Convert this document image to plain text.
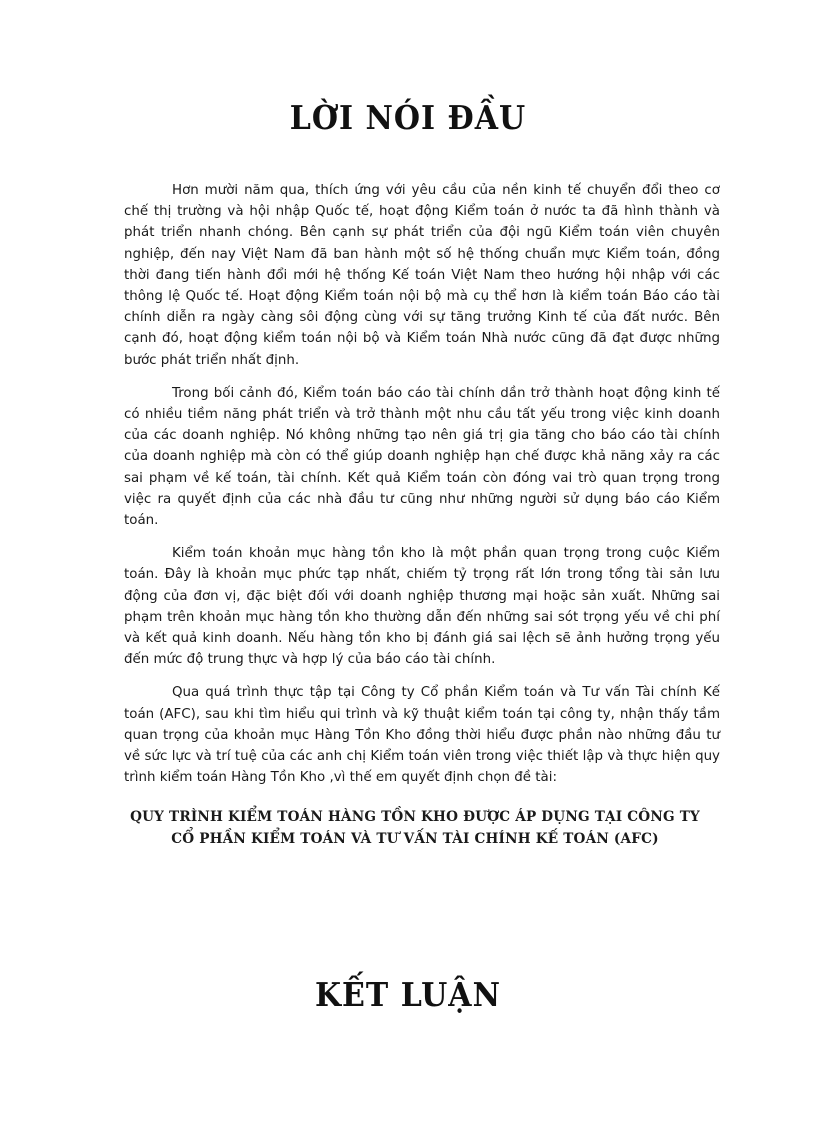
LỜI NÓI ĐẦU

Hơn mười năm qua, thích ứng với yêu cầu của nền kinh tế chuyển đổi theo cơ chế thị trường và hội nhập Quốc tế, hoạt động Kiểm toán ở nước ta đã hình thành và phát triển nhanh chóng. Bên cạnh sự phát triển của đội ngũ Kiểm toán viên chuyên nghiệp, đến nay Việt Nam đã ban hành một số hệ thống chuẩn mực Kiểm toán, đồng thời đang tiến hành đổi mới hệ thống Kế toán Việt Nam theo hướng hội nhập với các thông lệ Quốc tế. Hoạt động Kiểm toán nội bộ mà cụ thể hơn là kiểm toán Báo cáo tài chính diễn ra ngày càng sôi động cùng với sự tăng trưởng Kinh tế của đất nước. Bên cạnh đó, hoạt động kiểm toán nội bộ và Kiểm toán Nhà nước cũng đã đạt được những bước phát triển nhất định.

Trong bối cảnh đó, Kiểm toán báo cáo tài chính dần trở thành hoạt động kinh tế có nhiều tiềm năng phát triển và trở thành một nhu cầu tất yếu trong việc kinh doanh của các doanh nghiệp. Nó không những tạo nên giá trị gia tăng cho báo cáo tài chính của doanh nghiệp mà còn có thể giúp doanh nghiệp hạn chế được khả năng xảy ra các sai phạm về kế toán, tài chính. Kết quả Kiểm toán còn đóng vai trò quan trọng trong việc ra quyết định của các nhà đầu tư cũng như những người sử dụng báo cáo Kiểm toán.

Kiểm toán khoản mục hàng tồn kho là một phần quan trọng trong cuộc Kiểm toán. Đây là khoản mục phức tạp nhất, chiếm tỷ trọng rất lớn trong tổng tài sản lưu động của đơn vị, đặc biệt đối với doanh nghiệp thương mại hoặc sản xuất. Những sai phạm trên khoản mục hàng tồn kho thường dẫn đến những sai sót trọng yếu về chi phí và kết quả kinh doanh. Nếu hàng tồn kho bị đánh giá sai lệch sẽ ảnh hưởng trọng yếu đến mức độ trung thực và hợp lý của báo cáo tài chính.

Qua quá trình thực tập tại Công ty Cổ phần Kiểm toán và Tư vấn Tài chính Kế toán (AFC), sau khi tìm hiểu qui trình và kỹ thuật kiểm toán tại công ty, nhận thấy tầm quan trọng của khoản mục Hàng Tồn Kho đồng thời hiểu được phần nào những đầu tư về sức lực và trí tuệ của các anh chị Kiểm toán viên trong việc thiết lập và thực hiện quy trình kiểm toán Hàng Tồn Kho ,vì thế em quyết định chọn đề tài:

QUY TRÌNH KIỂM TOÁN HÀNG TỒN KHO ĐƯỢC ÁP DỤNG TẠI CÔNG TY
CỔ PHẦN KIỂM TOÁN VÀ TƯ VẤN TÀI CHÍNH KẾ TOÁN (AFC)
KẾT LUẬN
